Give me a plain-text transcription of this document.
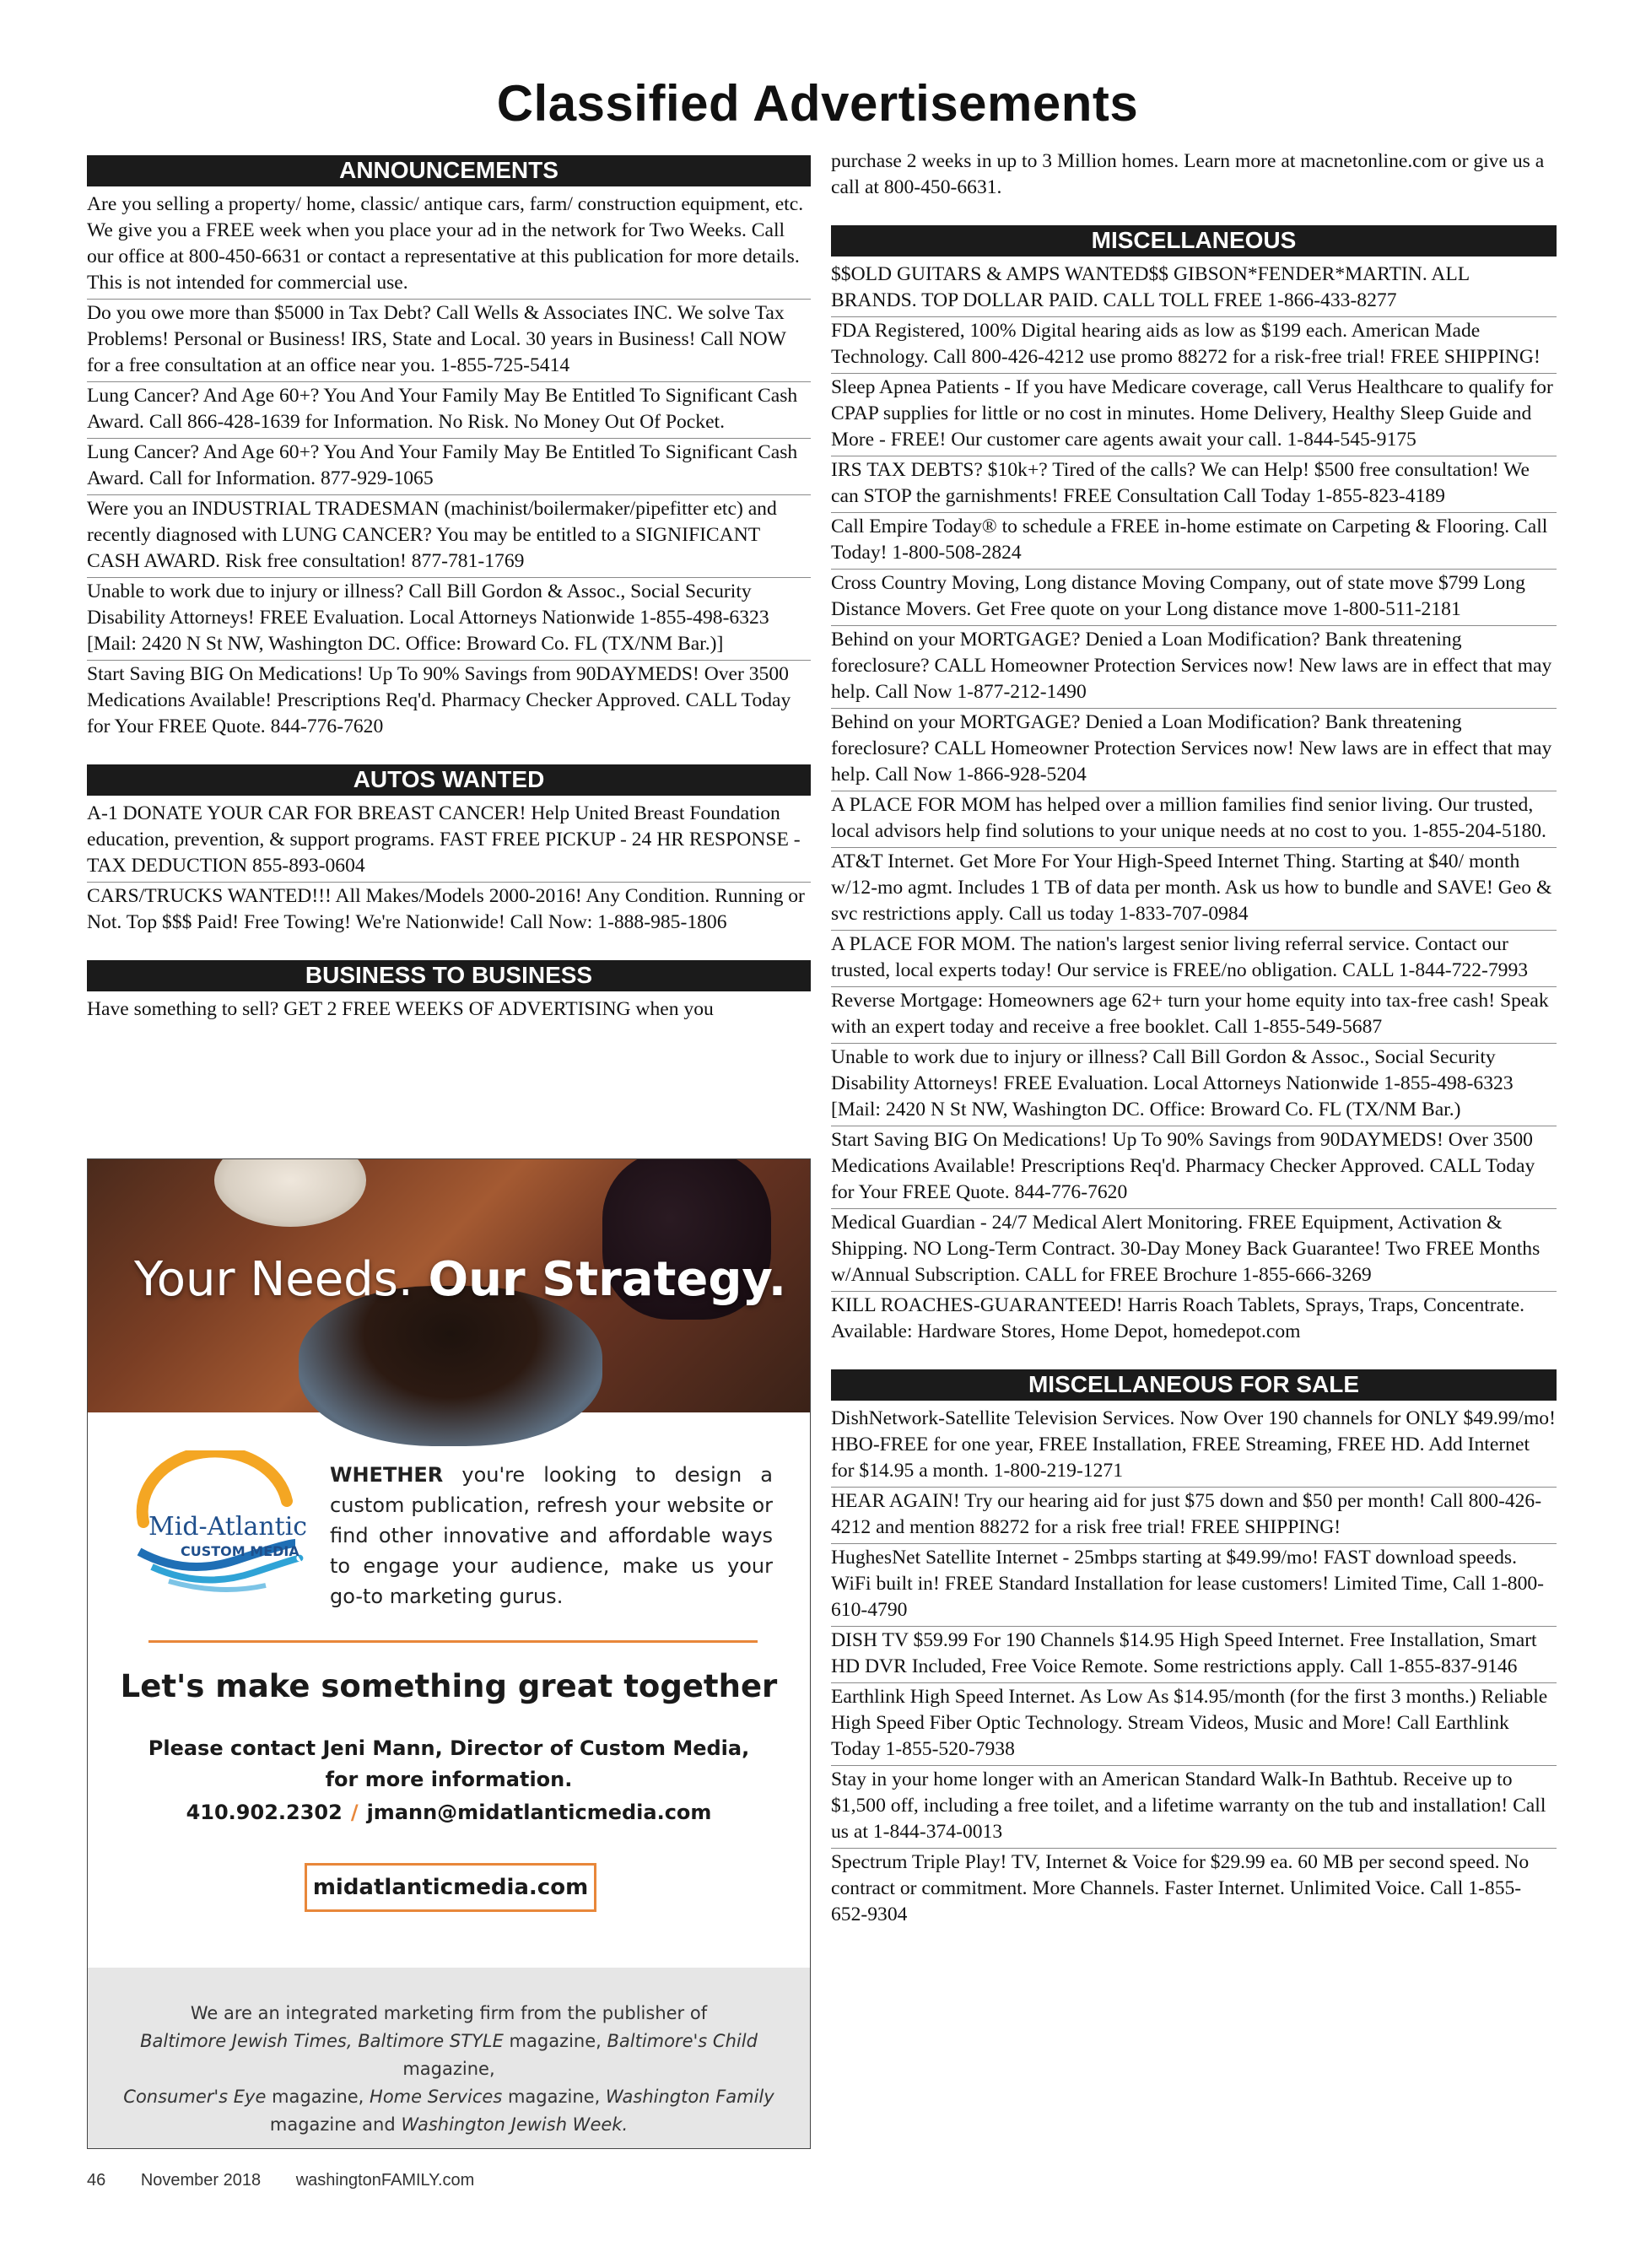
Classified Advertisements
ANNOUNCEMENTS
Are you selling a property/ home, classic/ antique cars, farm/ construction equipment, etc. We give you a FREE week when you place your ad in the network for Two Weeks. Call our office at 800-450-6631 or contact a representative at this publication for more details. This is not intended for commercial use.
Do you owe more than $5000 in Tax Debt? Call Wells & Associates INC. We solve Tax Problems! Personal or Business! IRS, State and Local. 30 years in Business! Call NOW for a free consultation at an office near you. 1-855-725-5414
Lung Cancer? And Age 60+? You And Your Family May Be Entitled To Significant Cash Award. Call 866-428-1639 for Information. No Risk. No Money Out Of Pocket.
Lung Cancer? And Age 60+? You And Your Family May Be Entitled To Significant Cash Award. Call for Information. 877-929-1065
Were you an INDUSTRIAL TRADESMAN (machinist/boilermaker/pipefitter etc) and recently diagnosed with LUNG CANCER? You may be entitled to a SIGNIFICANT CASH AWARD. Risk free consultation! 877-781-1769
Unable to work due to injury or illness? Call Bill Gordon & Assoc., Social Security Disability Attorneys! FREE Evaluation. Local Attorneys Nationwide 1-855-498-6323 [Mail: 2420 N St NW, Washington DC. Office: Broward Co. FL (TX/NM Bar.)]
Start Saving BIG On Medications! Up To 90% Savings from 90DAYMEDS! Over 3500 Medications Available! Prescriptions Req'd. Pharmacy Checker Approved. CALL Today for Your FREE Quote. 844-776-7620
AUTOS WANTED
A-1 DONATE YOUR CAR FOR BREAST CANCER! Help United Breast Foundation education, prevention, & support programs. FAST FREE PICKUP - 24 HR RESPONSE - TAX DEDUCTION 855-893-0604
CARS/TRUCKS WANTED!!! All Makes/Models 2000-2016! Any Condition. Running or Not. Top $$$ Paid! Free Towing! We're Nationwide! Call Now: 1-888-985-1806
BUSINESS TO BUSINESS
Have something to sell? GET 2 FREE WEEKS OF ADVERTISING when you
purchase 2 weeks in up to 3 Million homes. Learn more at macnetonline.com or give us a call at 800-450-6631.
MISCELLANEOUS
$$OLD GUITARS & AMPS WANTED$$ GIBSON*FENDER*MARTIN. ALL BRANDS. TOP DOLLAR PAID. CALL TOLL FREE 1-866-433-8277
FDA Registered, 100% Digital hearing aids as low as $199 each. American Made Technology. Call 800-426-4212 use promo 88272 for a risk-free trial! FREE SHIPPING!
Sleep Apnea Patients - If you have Medicare coverage, call Verus Healthcare to qualify for CPAP supplies for little or no cost in minutes. Home Delivery, Healthy Sleep Guide and More - FREE! Our customer care agents await your call. 1-844-545-9175
IRS TAX DEBTS? $10k+? Tired of the calls? We can Help! $500 free consultation! We can STOP the garnishments! FREE Consultation Call Today 1-855-823-4189
Call Empire Today® to schedule a FREE in-home estimate on Carpeting & Flooring. Call Today! 1-800-508-2824
Cross Country Moving, Long distance Moving Company, out of state move $799 Long Distance Movers. Get Free quote on your Long distance move 1-800-511-2181
Behind on your MORTGAGE? Denied a Loan Modification? Bank threatening foreclosure? CALL Homeowner Protection Services now! New laws are in effect that may help. Call Now 1-877-212-1490
Behind on your MORTGAGE? Denied a Loan Modification? Bank threatening foreclosure? CALL Homeowner Protection Services now! New laws are in effect that may help. Call Now 1-866-928-5204
A PLACE FOR MOM has helped over a million families find senior living. Our trusted, local advisors help find solutions to your unique needs at no cost to you. 1-855-204-5180.
AT&T Internet. Get More For Your High-Speed Internet Thing. Starting at $40/ month w/12-mo agmt. Includes 1 TB of data per month. Ask us how to bundle and SAVE! Geo & svc restrictions apply. Call us today 1-833-707-0984
A PLACE FOR MOM. The nation's largest senior living referral service. Contact our trusted, local experts today! Our service is FREE/no obligation. CALL 1-844-722-7993
Reverse Mortgage: Homeowners age 62+ turn your home equity into tax-free cash! Speak with an expert today and receive a free booklet. Call 1-855-549-5687
Unable to work due to injury or illness? Call Bill Gordon & Assoc., Social Security Disability Attorneys! FREE Evaluation. Local Attorneys Nationwide 1-855-498-6323 [Mail: 2420 N St NW, Washington DC. Office: Broward Co. FL (TX/NM Bar.)
Start Saving BIG On Medications! Up To 90% Savings from 90DAYMEDS! Over 3500 Medications Available! Prescriptions Req'd. Pharmacy Checker Approved. CALL Today for Your FREE Quote. 844-776-7620
Medical Guardian - 24/7 Medical Alert Monitoring. FREE Equipment, Activation & Shipping. NO Long-Term Contract. 30-Day Money Back Guarantee! Two FREE Months w/Annual Subscription. CALL for FREE Brochure 1-855-666-3269
KILL ROACHES-GUARANTEED! Harris Roach Tablets, Sprays, Traps, Concentrate. Available: Hardware Stores, Home Depot, homedepot.com
MISCELLANEOUS FOR SALE
DishNetwork-Satellite Television Services. Now Over 190 channels for ONLY $49.99/mo! HBO-FREE for one year, FREE Installation, FREE Streaming, FREE HD. Add Internet for $14.95 a month. 1-800-219-1271
HEAR AGAIN! Try our hearing aid for just $75 down and $50 per month! Call 800-426-4212 and mention 88272 for a risk free trial! FREE SHIPPING!
HughesNet Satellite Internet - 25mbps starting at $49.99/mo! FAST download speeds. WiFi built in! FREE Standard Installation for lease customers! Limited Time, Call 1-800-610-4790
DISH TV $59.99 For 190 Channels $14.95 High Speed Internet. Free Installation, Smart HD DVR Included, Free Voice Remote. Some restrictions apply. Call 1-855-837-9146
Earthlink High Speed Internet. As Low As $14.95/month (for the first 3 months.) Reliable High Speed Fiber Optic Technology. Stream Videos, Music and More! Call Earthlink Today 1-855-520-7938
Stay in your home longer with an American Standard Walk-In Bathtub. Receive up to $1,500 off, including a free toilet, and a lifetime warranty on the tub and installation! Call us at 1-844-374-0013
Spectrum Triple Play! TV, Internet & Voice for $29.99 ea. 60 MB per second speed. No contract or commitment. More Channels. Faster Internet. Unlimited Voice. Call 1-855-652-9304
Your Needs. Our Strategy.
Mid-Atlantic
CUSTOM MEDIA
WHETHER you're looking to design a custom publication, refresh your website or find other innovative and affordable ways to engage your audience, make us your go-to marketing gurus.
Let's make something great together
Please contact Jeni Mann, Director of Custom Media,
for more information.
410.902.2302 / jmann@midatlanticmedia.com
midatlanticmedia.com
We are an integrated marketing firm from the publisher of
Baltimore Jewish Times, Baltimore STYLE magazine, Baltimore's Child magazine,
Consumer's Eye magazine, Home Services magazine, Washington Family
magazine and Washington Jewish Week.
46 November 2018 washingtonFAMILY.com
